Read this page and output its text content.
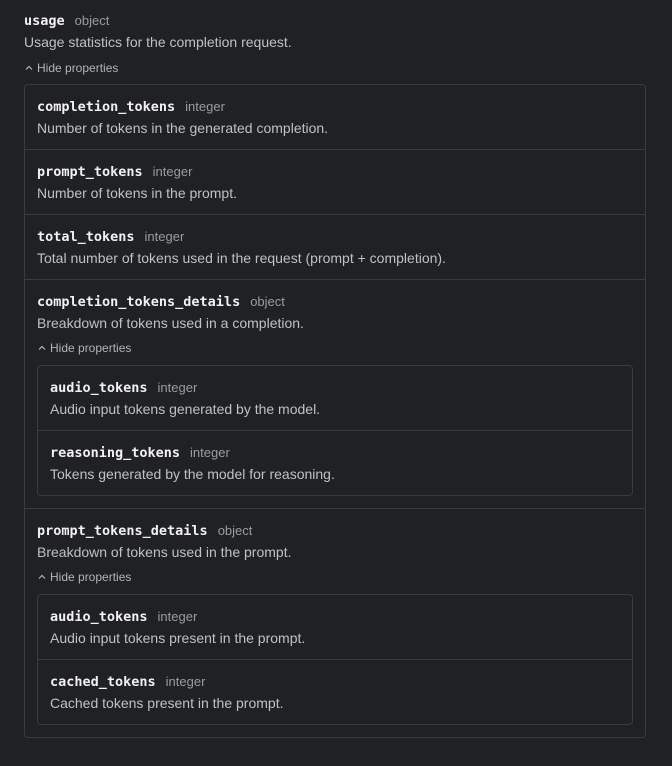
usage object
Usage statistics for the completion request.
Hide properties
completion_tokens integer
Number of tokens in the generated completion.
prompt_tokens integer
Number of tokens in the prompt.
total_tokens integer
Total number of tokens used in the request (prompt + completion).
completion_tokens_details object
Breakdown of tokens used in a completion.
Hide properties
audio_tokens integer
Audio input tokens generated by the model.
reasoning_tokens integer
Tokens generated by the model for reasoning.
prompt_tokens_details object
Breakdown of tokens used in the prompt.
Hide properties
audio_tokens integer
Audio input tokens present in the prompt.
cached_tokens integer
Cached tokens present in the prompt.
